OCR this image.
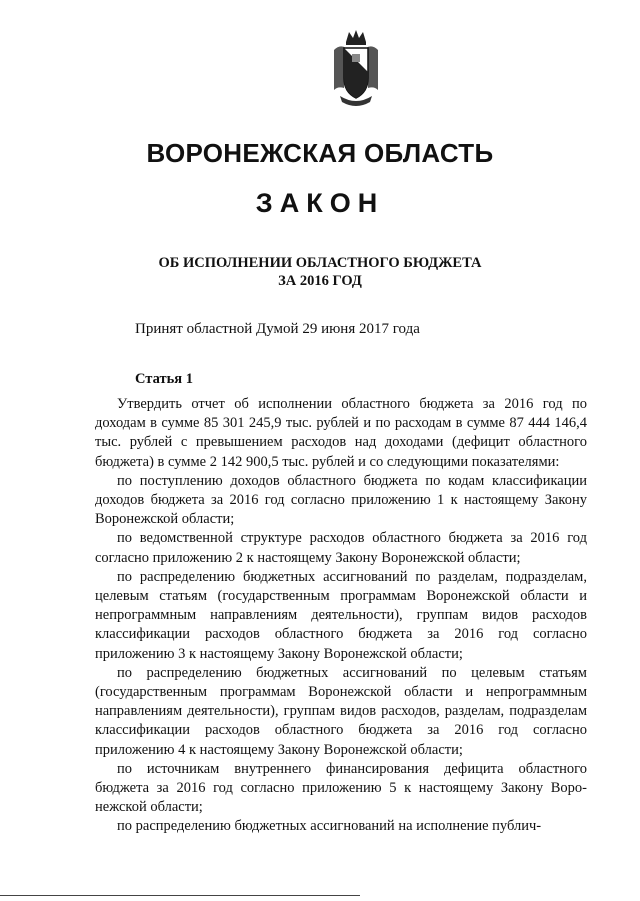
ВОРОНЕЖСКАЯ ОБЛАСТЬ
ЗАКОН
ОБ ИСПОЛНЕНИИ ОБЛАСТНОГО БЮДЖЕТА
ЗА 2016 ГОД
Принят областной Думой 29 июня 2017 года
Статья 1

Утвердить отчет об исполнении областного бюджета за 2016 год по доходам в сумме 85 301 245,9 тыс. рублей и по расходам в сумме 87 444 146,4 тыс. рублей с превышением расходов над доходами (дефицит областного бюджета) в сумме 2 142 900,5 тыс. рублей и со следующими показателями:

по поступлению доходов областного бюджета по кодам классификации доходов бюджета за 2016 год согласно приложению 1 к настоящему Закону Воронежской области;

по ведомственной структуре расходов областного бюджета за 2016 год согласно приложению 2 к настоящему Закону Воронежской области;

по распределению бюджетных ассигнований по разделам, подразделам, целевым статьям (государственным программам Воронежской области и непрограммным направлениям деятельности), группам видов расходов классификации расходов областного бюджета за 2016 год согласно приложению 3 к настоящему Закону Воронежской области;

по распределению бюджетных ассигнований по целевым статьям (государственным программам Воронежской области и непрограммным направлениям деятельности), группам видов расходов, разделам, подразделам классификации расходов областного бюджета за 2016 год согласно приложению 4 к настоящему Закону Воронежской области;

по источникам внутреннего финансирования дефицита областного бюджета за 2016 год согласно приложению 5 к настоящему Закону Воронежской области;

по распределению бюджетных ассигнований на исполнение публич-
